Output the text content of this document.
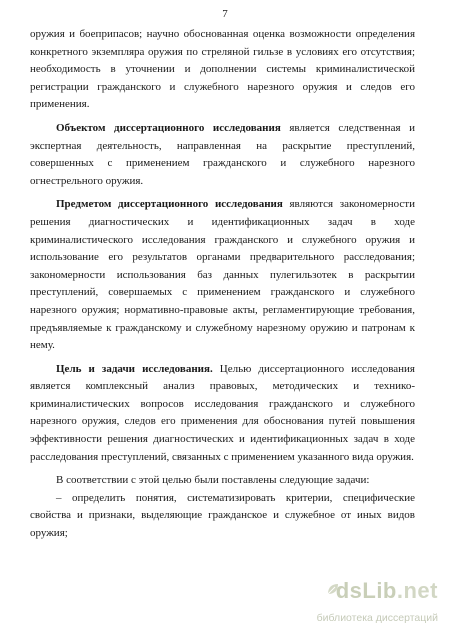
7

оружия и боеприпасов; научно обоснованная оценка возможности определения конкретного экземпляра оружия по стреляной гильзе в условиях его отсутствия; необходимость в уточнении и дополнении системы криминалистической регистрации гражданского и служебного нарезного оружия и следов его применения.

Объектом диссертационного исследования является следственная и экспертная деятельность, направленная на раскрытие преступлений, совершенных с применением гражданского и служебного нарезного огнестрельного оружия.

Предметом диссертационного исследования являются закономерности решения диагностических и идентификационных задач в ходе криминалистического исследования гражданского и служебного оружия и использование его результатов органами предварительного расследования; закономерности использования баз данных пулегильзотек в раскрытии преступлений, совершаемых с применением гражданского и служебного нарезного оружия; нормативно-правовые акты, регламентирующие требования, предъявляемые к гражданскому и служебному нарезному оружию и патронам к нему.

Цель и задачи исследования. Целью диссертационного исследования является комплексный анализ правовых, методических и технико-криминалистических вопросов исследования гражданского и служебного нарезного оружия, следов его применения для обоснования путей повышения эффективности решения диагностических и идентификационных задач в ходе расследования преступлений, связанных с применением указанного вида оружия.

В соответствии с этой целью были поставлены следующие задачи:

– определить понятия, систематизировать критерии, специфические свойства и признаки, выделяющие гражданское и служебное от иных видов оружия;

dsLib.net
библиотека диссертаций
